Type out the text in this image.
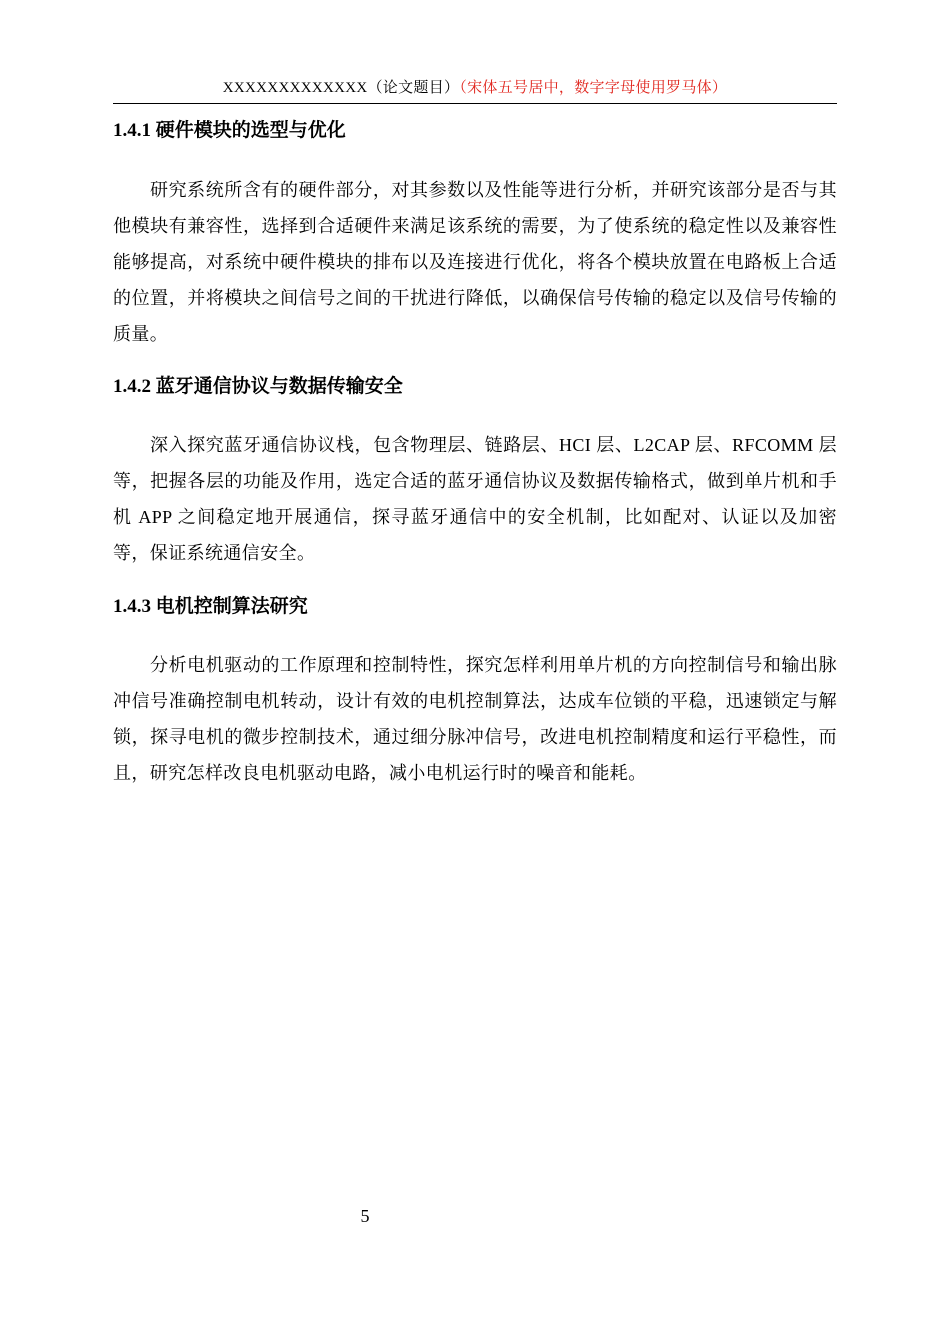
XXXXXXXXXXXXX（论文题目）（宋体五号居中，数字字母使用罗马体）
1.4.1 硬件模块的选型与优化
研究系统所含有的硬件部分，对其参数以及性能等进行分析，并研究该部分是否与其他模块有兼容性，选择到合适硬件来满足该系统的需要，为了使系统的稳定性以及兼容性能够提高，对系统中硬件模块的排布以及连接进行优化，将各个模块放置在电路板上合适的位置，并将模块之间信号之间的干扰进行降低，以确保信号传输的稳定以及信号传输的质量。
1.4.2 蓝牙通信协议与数据传输安全
深入探究蓝牙通信协议栈，包含物理层、链路层、HCI 层、L2CAP 层、RFCOMM 层等，把握各层的功能及作用，选定合适的蓝牙通信协议及数据传输格式，做到单片机和手机 APP 之间稳定地开展通信，探寻蓝牙通信中的安全机制，比如配对、认证以及加密等，保证系统通信安全。
1.4.3 电机控制算法研究
分析电机驱动的工作原理和控制特性，探究怎样利用单片机的方向控制信号和输出脉冲信号准确控制电机转动，设计有效的电机控制算法，达成车位锁的平稳，迅速锁定与解锁，探寻电机的微步控制技术，通过细分脉冲信号，改进电机控制精度和运行平稳性，而且，研究怎样改良电机驱动电路，减小电机运行时的噪音和能耗。
5
